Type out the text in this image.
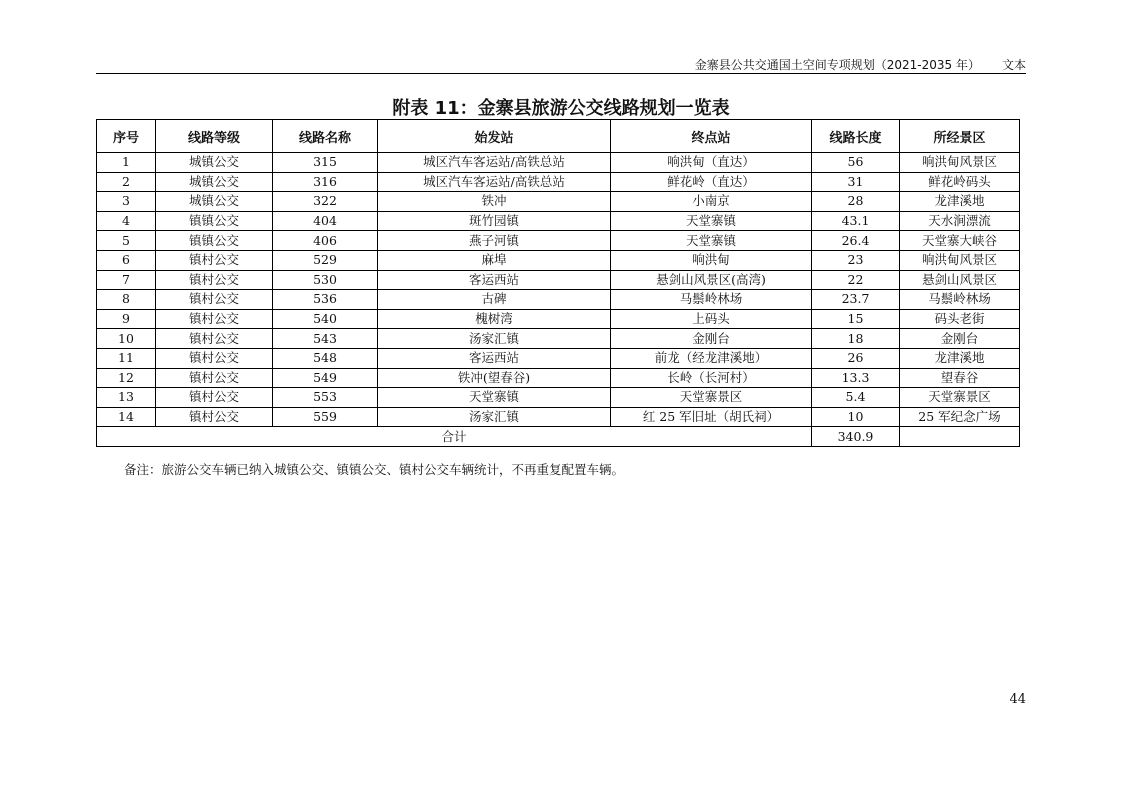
金寨县公共交通国土空间专项规划（2021-2035 年） 文本
附表 11：金寨县旅游公交线路规划一览表
序号	线路等级	线路名称	始发站	终点站	线路长度	所经景区
1	城镇公交	315	城区汽车客运站/高铁总站	响洪甸（直达）	56	响洪甸风景区
2	城镇公交	316	城区汽车客运站/高铁总站	鲜花岭（直达）	31	鲜花岭码头
3	城镇公交	322	铁冲	小南京	28	龙津溪地
4	镇镇公交	404	斑竹园镇	天堂寨镇	43.1	天水涧漂流
5	镇镇公交	406	燕子河镇	天堂寨镇	26.4	天堂寨大峡谷
6	镇村公交	529	麻埠	响洪甸	23	响洪甸风景区
7	镇村公交	530	客运西站	悬剑山风景区(高湾)	22	悬剑山风景区
8	镇村公交	536	古碑	马鬃岭林场	23.7	马鬃岭林场
9	镇村公交	540	槐树湾	上码头	15	码头老街
10	镇村公交	543	汤家汇镇	金刚台	18	金刚台
11	镇村公交	548	客运西站	前龙（经龙津溪地）	26	龙津溪地
12	镇村公交	549	铁冲(望春谷)	长岭（长河村）	13.3	望春谷
13	镇村公交	553	天堂寨镇	天堂寨景区	5.4	天堂寨景区
14	镇村公交	559	汤家汇镇	红 25 军旧址（胡氏祠）	10	25 军纪念广场
合计					340.9	
备注：旅游公交车辆已纳入城镇公交、镇镇公交、镇村公交车辆统计，不再重复配置车辆。
44
